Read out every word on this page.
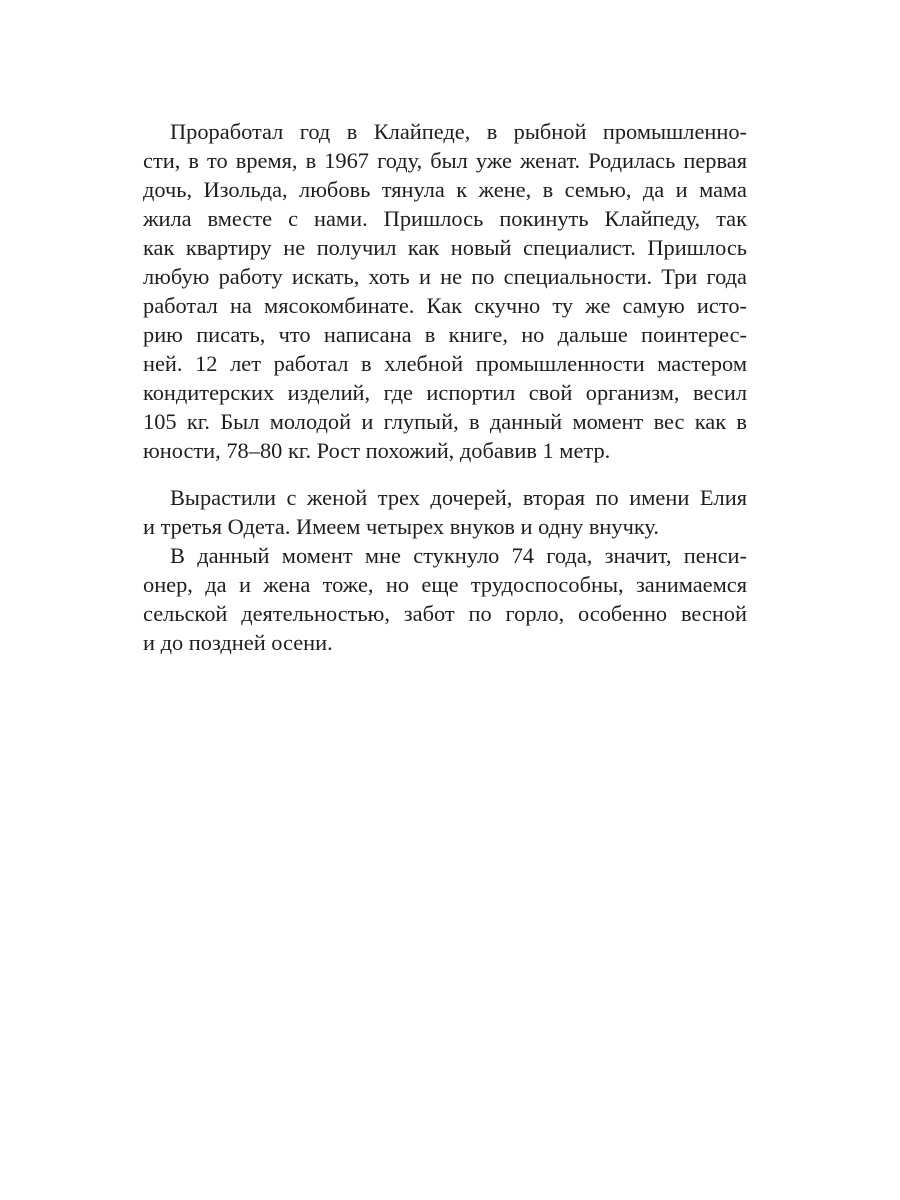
Проработал год в Клайпеде, в рыбной промышленно-
сти, в то время, в 1967 году, был уже женат. Родилась первая
дочь, Изольда, любовь тянула к жене, в семью, да и мама
жила вместе с нами. Пришлось покинуть Клайпеду, так
как квартиру не получил как новый специалист. Пришлось
любую работу искать, хоть и не по специальности. Три года
работал на мясокомбинате. Как скучно ту же самую исто-
рию писать, что написана в книге, но дальше поинтерес-
ней. 12 лет работал в хлебной промышленности мастером
кондитерских изделий, где испортил свой организм, весил
105 кг. Был молодой и глупый, в данный момент вес как в
юности, 78–80 кг. Рост похожий, добавив 1 метр.
Вырастили с женой трех дочерей, вторая по имени Елия
и третья Одета. Имеем четырех внуков и одну внучку.
В данный момент мне стукнуло 74 года, значит, пенси-
онер, да и жена тоже, но еще трудоспособны, занимаемся
сельской деятельностью, забот по горло, особенно весной
и до поздней осени.
